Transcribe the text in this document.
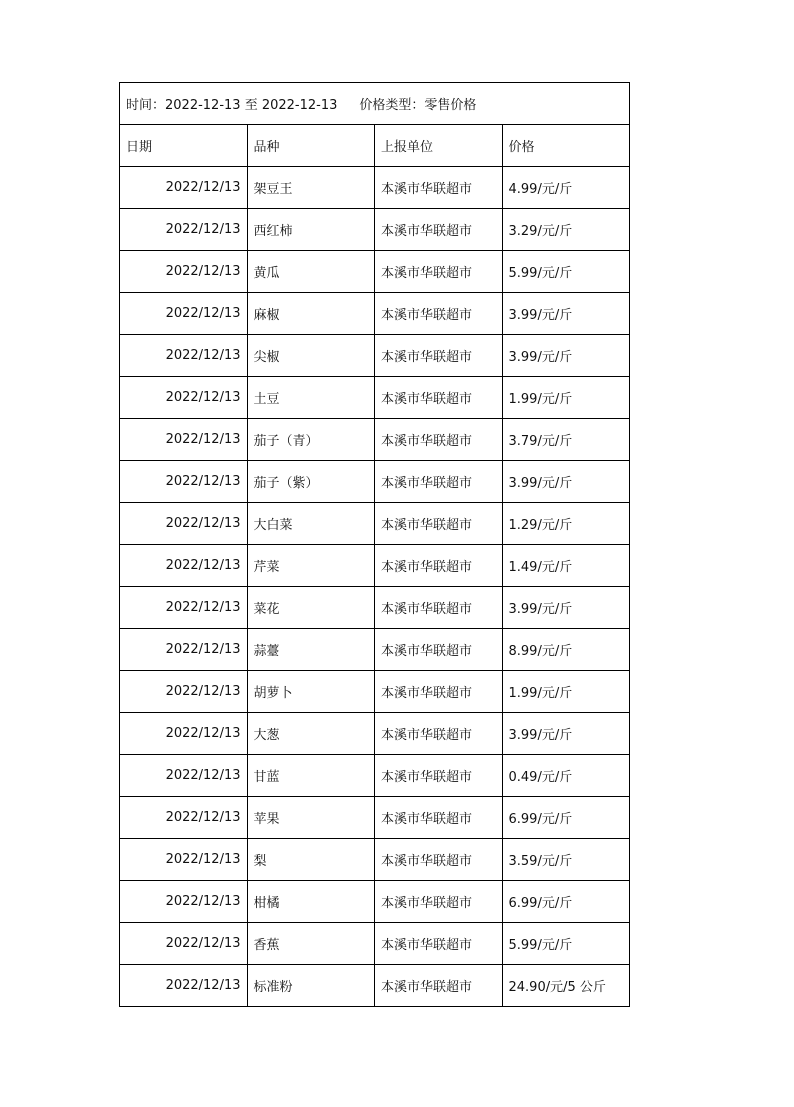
时间：2022-12-13 至 2022-12-13 价格类型：零售价格			
日期	品种	上报单位	价格
2022/12/13	架豆王	本溪市华联超市	4.99/元/斤
2022/12/13	西红柿	本溪市华联超市	3.29/元/斤
2022/12/13	黄瓜	本溪市华联超市	5.99/元/斤
2022/12/13	麻椒	本溪市华联超市	3.99/元/斤
2022/12/13	尖椒	本溪市华联超市	3.99/元/斤
2022/12/13	土豆	本溪市华联超市	1.99/元/斤
2022/12/13	茄子（青）	本溪市华联超市	3.79/元/斤
2022/12/13	茄子（紫）	本溪市华联超市	3.99/元/斤
2022/12/13	大白菜	本溪市华联超市	1.29/元/斤
2022/12/13	芹菜	本溪市华联超市	1.49/元/斤
2022/12/13	菜花	本溪市华联超市	3.99/元/斤
2022/12/13	蒜薹	本溪市华联超市	8.99/元/斤
2022/12/13	胡萝卜	本溪市华联超市	1.99/元/斤
2022/12/13	大葱	本溪市华联超市	3.99/元/斤
2022/12/13	甘蓝	本溪市华联超市	0.49/元/斤
2022/12/13	苹果	本溪市华联超市	6.99/元/斤
2022/12/13	梨	本溪市华联超市	3.59/元/斤
2022/12/13	柑橘	本溪市华联超市	6.99/元/斤
2022/12/13	香蕉	本溪市华联超市	5.99/元/斤
2022/12/13	标准粉	本溪市华联超市	24.90/元/5 公斤
